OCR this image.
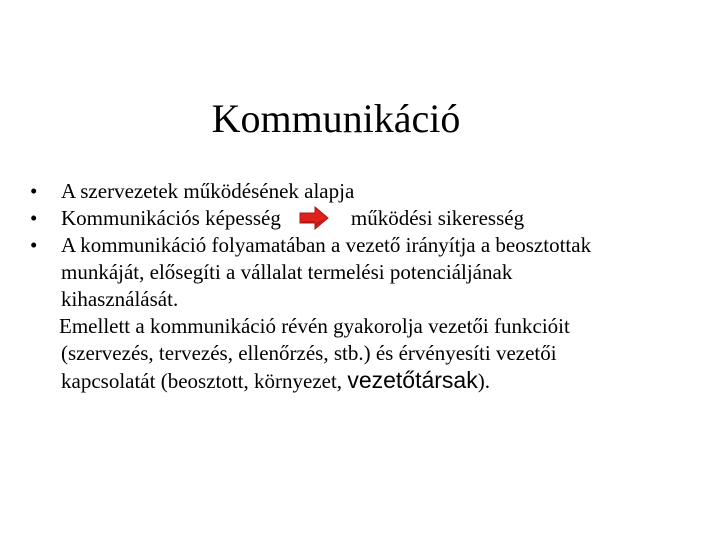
Kommunikáció
• A szervezetek működésének alapja
• Kommunikációs képesség	működési sikeresség
• A kommunikáció folyamatában a vezető irányítja a beosztottak
munkáját, elősegíti a vállalat termelési potenciáljának
kihasználását.
Emellett a kommunikáció révén gyakorolja vezetői funkcióit
(szervezés, tervezés, ellenőrzés, stb.) és érvényesíti vezetői
kapcsolatát (beosztott, környezet, vezetőtársak).
